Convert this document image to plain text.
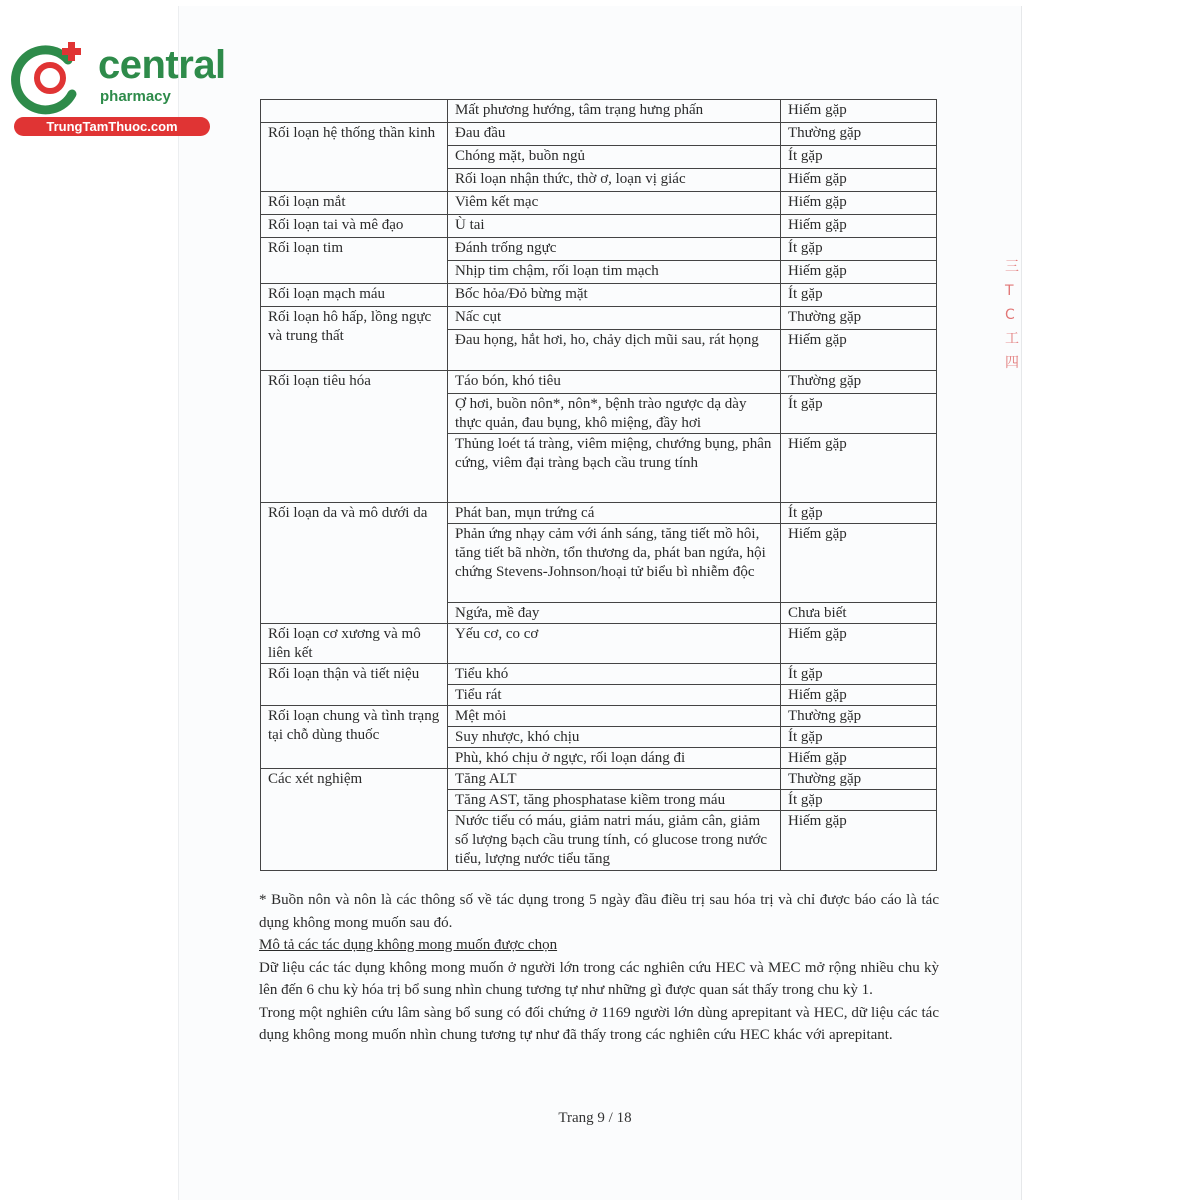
三
T
C
工
四
central
pharmacy
TrungTamThuoc.com
	Mất phương hướng, tâm trạng hưng phấn	Hiếm gặp
Rối loạn hệ thống thần kinh	Đau đầu	Thường gặp
	Chóng mặt, buồn ngủ	Ít gặp
	Rối loạn nhận thức, thờ ơ, loạn vị giác	Hiếm gặp
Rối loạn mắt	Viêm kết mạc	Hiếm gặp
Rối loạn tai và mê đạo	Ù tai	Hiếm gặp
Rối loạn tim	Đánh trống ngực	Ít gặp
	Nhịp tim chậm, rối loạn tim mạch	Hiếm gặp
Rối loạn mạch máu	Bốc hỏa/Đỏ bừng mặt	Ít gặp
Rối loạn hô hấp, lồng ngực và trung thất	Nấc cụt	Thường gặp
	Đau họng, hắt hơi, ho, chảy dịch mũi sau, rát họng	Hiếm gặp
Rối loạn tiêu hóa	Táo bón, khó tiêu	Thường gặp
	Ợ hơi, buồn nôn*, nôn*, bệnh trào ngược dạ dày thực quản, đau bụng, khô miệng, đầy hơi	Ít gặp
	Thủng loét tá tràng, viêm miệng, chướng bụng, phân cứng, viêm đại tràng bạch cầu trung tính	Hiếm gặp
Rối loạn da và mô dưới da	Phát ban, mụn trứng cá	Ít gặp
	Phản ứng nhạy cảm với ánh sáng, tăng tiết mồ hôi, tăng tiết bã nhờn, tổn thương da, phát ban ngứa, hội chứng Stevens-Johnson/hoại tử biểu bì nhiễm độc	Hiếm gặp
	Ngứa, mề đay	Chưa biết
Rối loạn cơ xương và mô liên kết	Yếu cơ, co cơ	Hiếm gặp
Rối loạn thận và tiết niệu	Tiểu khó	Ít gặp
	Tiểu rát	Hiếm gặp
Rối loạn chung và tình trạng tại chỗ dùng thuốc	Mệt mỏi	Thường gặp
	Suy nhược, khó chịu	Ít gặp
	Phù, khó chịu ở ngực, rối loạn dáng đi	Hiếm gặp
Các xét nghiệm	Tăng ALT	Thường gặp
	Tăng AST, tăng phosphatase kiềm trong máu	Ít gặp
	Nước tiểu có máu, giảm natri máu, giảm cân, giảm số lượng bạch cầu trung tính, có glucose trong nước tiểu, lượng nước tiểu tăng	Hiếm gặp

* Buồn nôn và nôn là các thông số về tác dụng trong 5 ngày đầu điều trị sau hóa trị và chỉ được báo cáo là tác dụng không mong muốn sau đó.

Mô tả các tác dụng không mong muốn được chọn

Dữ liệu các tác dụng không mong muốn ở người lớn trong các nghiên cứu HEC và MEC mở rộng nhiều chu kỳ lên đến 6 chu kỳ hóa trị bổ sung nhìn chung tương tự như những gì được quan sát thấy trong chu kỳ 1.

Trong một nghiên cứu lâm sàng bổ sung có đối chứng ở 1169 người lớn dùng aprepitant và HEC, dữ liệu các tác dụng không mong muốn nhìn chung tương tự như đã thấy trong các nghiên cứu HEC khác với aprepitant.

Trang 9 / 18
